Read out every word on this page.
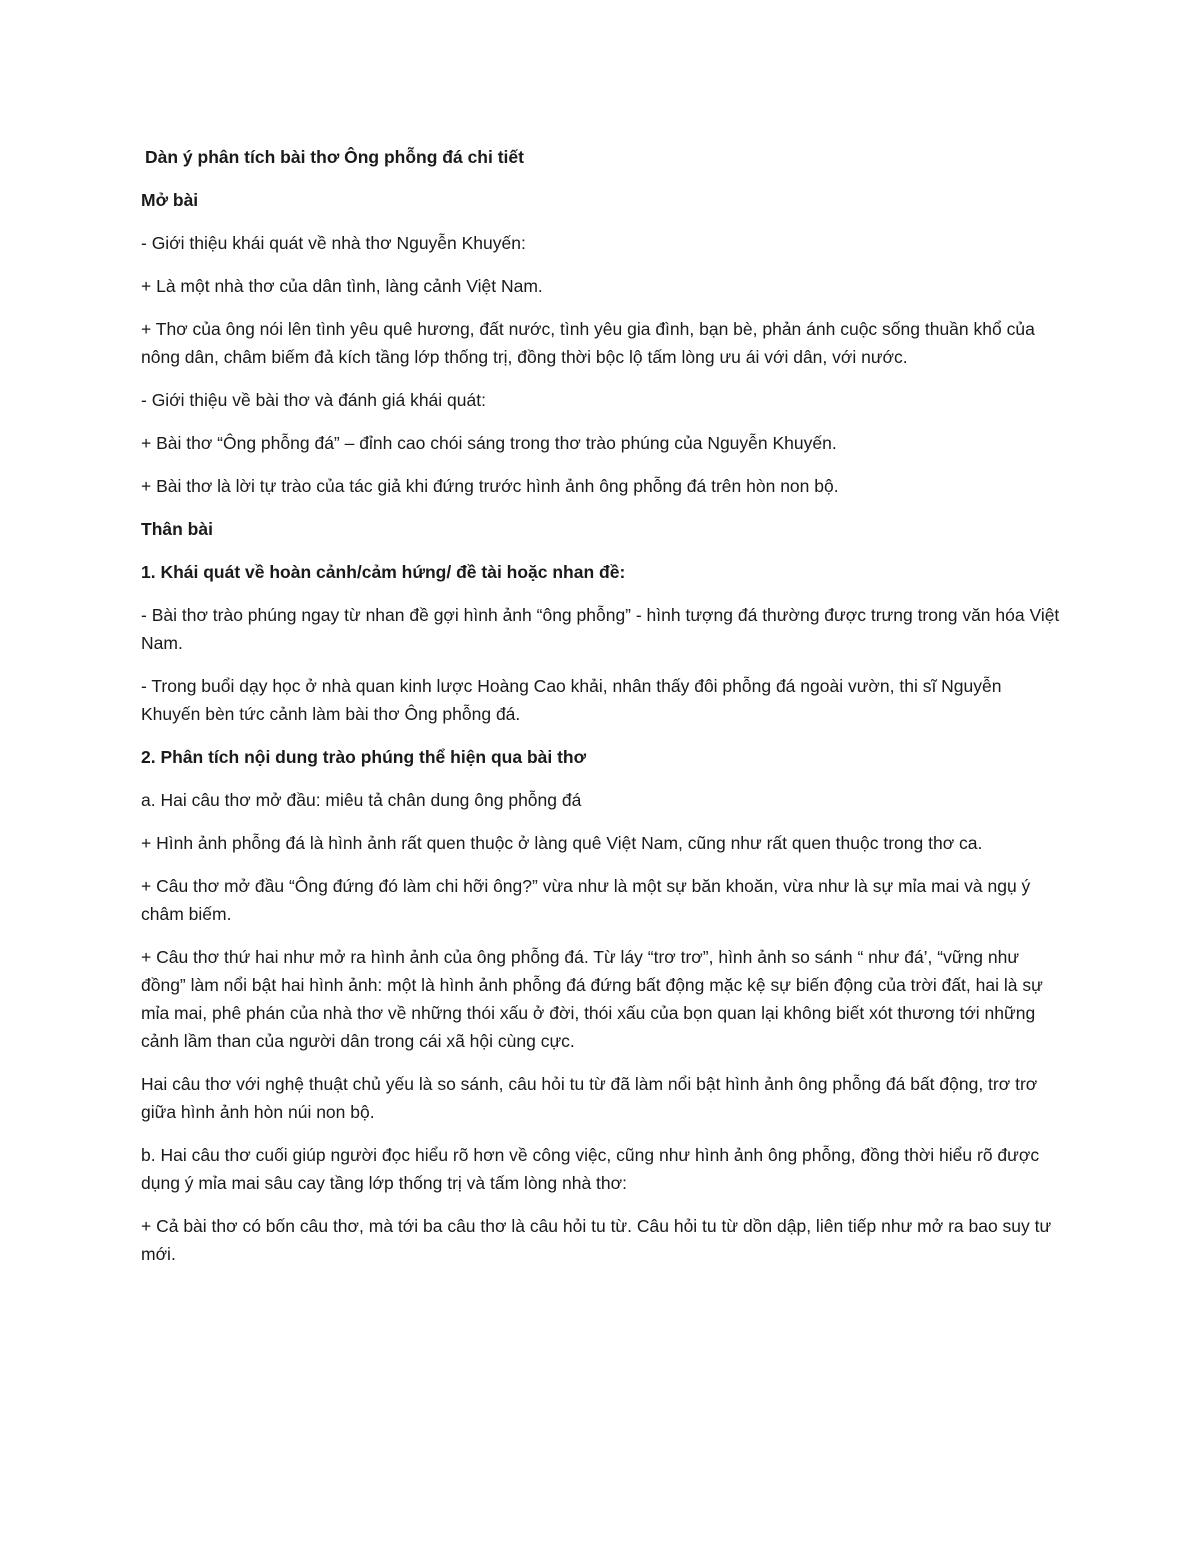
Dàn ý phân tích bài thơ Ông phỗng đá chi tiết

Mở bài

- Giới thiệu khái quát về nhà thơ Nguyễn Khuyến:

+ Là một nhà thơ của dân tình, làng cảnh Việt Nam.

+ Thơ của ông nói lên tình yêu quê hương, đất nước, tình yêu gia đình, bạn bè, phản ánh cuộc sống thuần khổ của nông dân, châm biếm đả kích tầng lớp thống trị, đồng thời bộc lộ tấm lòng ưu ái với dân, với nước.

- Giới thiệu về bài thơ và đánh giá khái quát:

+ Bài thơ “Ông phỗng đá” – đỉnh cao chói sáng trong thơ trào phúng của Nguyễn Khuyến.

+ Bài thơ là lời tự trào của tác giả khi đứng trước hình ảnh ông phỗng đá trên hòn non bộ.

Thân bài

1. Khái quát về hoàn cảnh/cảm hứng/ đề tài hoặc nhan đề:

- Bài thơ trào phúng ngay từ nhan đề gợi hình ảnh “ông phỗng” - hình tượng đá thường được trưng trong văn hóa Việt Nam.

- Trong buổi dạy học ở nhà quan kinh lược Hoàng Cao khải, nhân thấy đôi phỗng đá ngoài vườn, thi sĩ Nguyễn Khuyến bèn tức cảnh làm bài thơ Ông phỗng đá.

2. Phân tích nội dung trào phúng thể hiện qua bài thơ

a. Hai câu thơ mở đầu: miêu tả chân dung ông phỗng đá

+ Hình ảnh phỗng đá là hình ảnh rất quen thuộc ở làng quê Việt Nam, cũng như rất quen thuộc trong thơ ca.

+ Câu thơ mở đầu “Ông đứng đó làm chi hỡi ông?” vừa như là một sự băn khoăn, vừa như là sự mỉa mai và ngụ ý châm biếm.

+ Câu thơ thứ hai như mở ra hình ảnh của ông phỗng đá. Từ láy “trơ trơ”, hình ảnh so sánh “ như đá’, “vững như đồng” làm nổi bật hai hình ảnh: một là hình ảnh phỗng đá đứng bất động mặc kệ sự biến động của trời đất, hai là sự mỉa mai, phê phán của nhà thơ về những thói xấu ở đời, thói xấu của bọn quan lại không biết xót thương tới những cảnh lầm than của người dân trong cái xã hội cùng cực.

Hai câu thơ với nghệ thuật chủ yếu là so sánh, câu hỏi tu từ đã làm nổi bật hình ảnh ông phỗng đá bất động, trơ trơ giữa hình ảnh hòn núi non bộ.

b. Hai câu thơ cuối giúp người đọc hiểu rõ hơn về công việc, cũng như hình ảnh ông phỗng, đồng thời hiểu rõ được dụng ý mỉa mai sâu cay tầng lớp thống trị và tấm lòng nhà thơ:

+ Cả bài thơ có bốn câu thơ, mà tới ba câu thơ là câu hỏi tu từ. Câu hỏi tu từ dồn dập, liên tiếp như mở ra bao suy tư mới.
